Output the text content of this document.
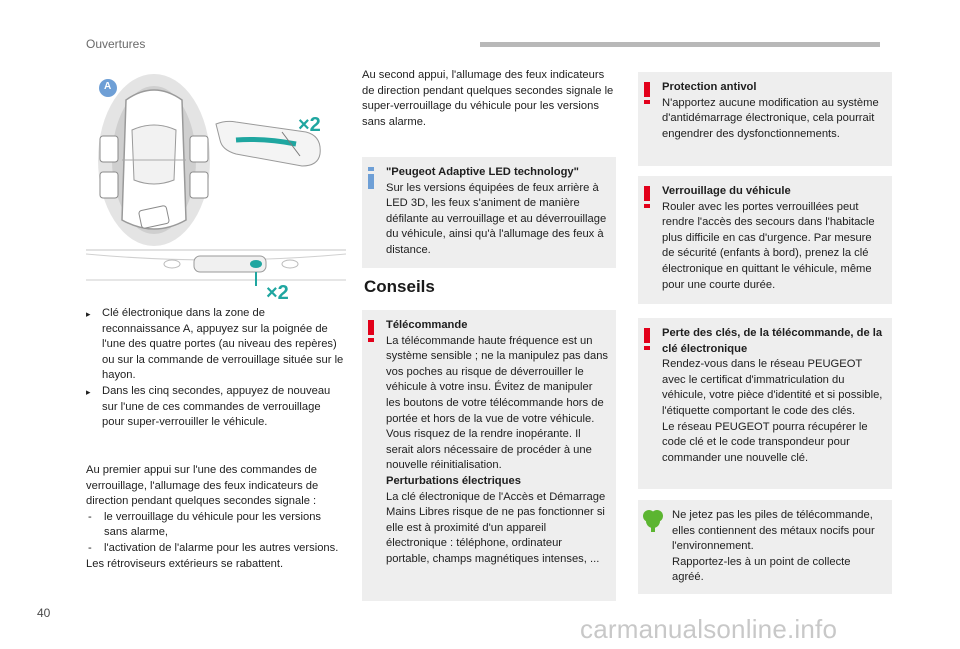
Ouvertures
A
×2
×2
▸ Clé électronique dans la zone de reconnaissance A, appuyez sur la poignée de l'une des quatre portes (au niveau des repères) ou sur la commande de verrouillage située sur le hayon.
▸ Dans les cinq secondes, appuyez de nouveau sur l'une de ces commandes de verrouillage pour super-verrouiller le véhicule.

Au premier appui sur l'une des commandes de verrouillage, l'allumage des feux indicateurs de direction pendant quelques secondes signale :

- le verrouillage du véhicule pour les versions sans alarme,
- l'activation de l'alarme pour les autres versions.

Les rétroviseurs extérieurs se rabattent.

Au second appui, l'allumage des feux indicateurs de direction pendant quelques secondes signale le super-verrouillage du véhicule pour les versions sans alarme.

"Peugeot Adaptive LED technology"

Sur les versions équipées de feux arrière à LED 3D, les feux s'animent de manière défilante au verrouillage et au déverrouillage du véhicule, ainsi qu'à l'allumage des feux à distance.

Conseils

Télécommande

La télécommande haute fréquence est un système sensible ; ne la manipulez pas dans vos poches au risque de déverrouiller le véhicule à votre insu. Évitez de manipuler les boutons de votre télécommande hors de portée et hors de la vue de votre véhicule. Vous risquez de la rendre inopérante. Il serait alors nécessaire de procéder à une nouvelle réinitialisation.

Perturbations électriques

La clé électronique de l'Accès et Démarrage Mains Libres risque de ne pas fonctionner si elle est à proximité d'un appareil électronique : téléphone, ordinateur portable, champs magnétiques intenses, ...

Protection antivol

N'apportez aucune modification au système d'antidémarrage électronique, cela pourrait engendrer des dysfonctionnements.

Verrouillage du véhicule

Rouler avec les portes verrouillées peut rendre l'accès des secours dans l'habitacle plus difficile en cas d'urgence. Par mesure de sécurité (enfants à bord), prenez la clé électronique en quittant le véhicule, même pour une courte durée.

Perte des clés, de la télécommande, de la clé électronique

Rendez-vous dans le réseau PEUGEOT avec le certificat d'immatriculation du véhicule, votre pièce d'identité et si possible, l'étiquette comportant le code des clés.

Le réseau PEUGEOT pourra récupérer le code clé et le code transpondeur pour commander une nouvelle clé.

Ne jetez pas les piles de télécommande, elles contiennent des métaux nocifs pour l'environnement.

Rapportez-les à un point de collecte agréé.

40
carmanualsonline.info
